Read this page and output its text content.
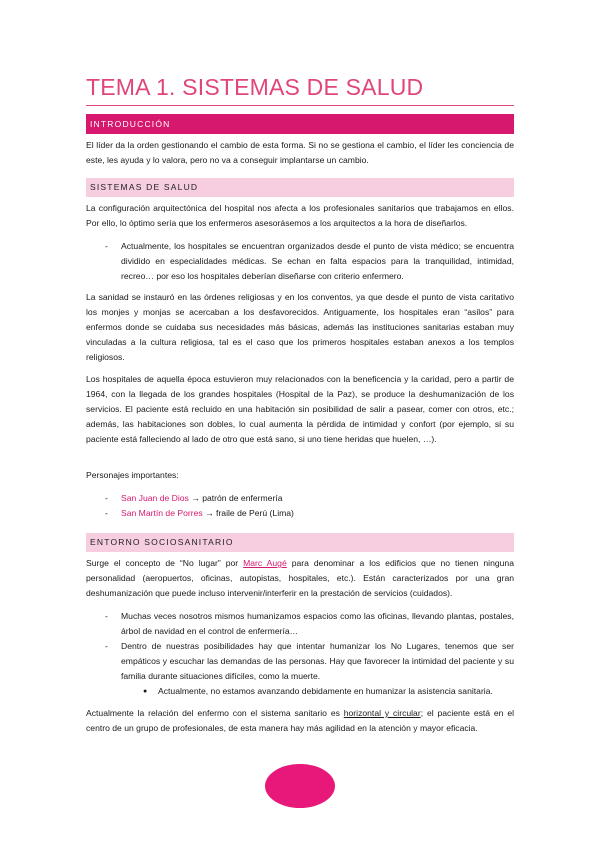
TEMA 1. SISTEMAS DE SALUD
INTRODUCCIÓN
El líder da la orden gestionando el cambio de esta forma. Si no se gestiona el cambio, el líder les conciencia de este, les ayuda y lo valora, pero no va a conseguir implantarse un cambio.
SISTEMAS DE SALUD
La configuración arquitectónica del hospital nos afecta a los profesionales sanitarios que trabajamos en ellos. Por ello, lo óptimo sería que los enfermeros asesorásemos a los arquitectos a la hora de diseñarlos.
- Actualmente, los hospitales se encuentran organizados desde el punto de vista médico; se encuentra dividido en especialidades médicas. Se echan en falta espacios para la tranquilidad, intimidad, recreo… por eso los hospitales deberían diseñarse con criterio enfermero.
La sanidad se instauró en las órdenes religiosas y en los conventos, ya que desde el punto de vista caritativo los monjes y monjas se acercaban a los desfavorecidos. Antiguamente, los hospitales eran “asilos” para enfermos donde se cuidaba sus necesidades más básicas, además las instituciones sanitarias estaban muy vinculadas a la cultura religiosa, tal es el caso que los primeros hospitales estaban anexos a los templos religiosos.
Los hospitales de aquella época estuvieron muy relacionados con la beneficencia y la caridad, pero a partir de 1964, con la llegada de los grandes hospitales (Hospital de la Paz), se produce la deshumanización de los servicios. El paciente está recluido en una habitación sin posibilidad de salir a pasear, comer con otros, etc.; además, las habitaciones son dobles, lo cual aumenta la pérdida de intimidad y confort (por ejemplo, si su paciente está falleciendo al lado de otro que está sano, si uno tiene heridas que huelen, …).
Personajes importantes:
- San Juan de Dios → patrón de enfermería
- San Martín de Porres → fraile de Perú (Lima)
ENTORNO SOCIOSANITARIO
Surge el concepto de “No lugar” por Marc Augé para denominar a los edificios que no tienen ninguna personalidad (aeropuertos, oficinas, autopistas, hospitales, etc.). Están caracterizados por una gran deshumanización que puede incluso intervenir/interferir en la prestación de servicios (cuidados).
- Muchas veces nosotros mismos humanizamos espacios como las oficinas, llevando plantas, postales, árbol de navidad en el control de enfermería…
- Dentro de nuestras posibilidades hay que intentar humanizar los No Lugares, tenemos que ser empáticos y escuchar las demandas de las personas. Hay que favorecer la intimidad del paciente y su familia durante situaciones difíciles, como la muerte.
● Actualmente, no estamos avanzando debidamente en humanizar la asistencia sanitaria.
Actualmente la relación del enfermo con el sistema sanitario es horizontal y circular; el paciente está en el centro de un grupo de profesionales, de esta manera hay más agilidad en la atención y mayor eficacia.
